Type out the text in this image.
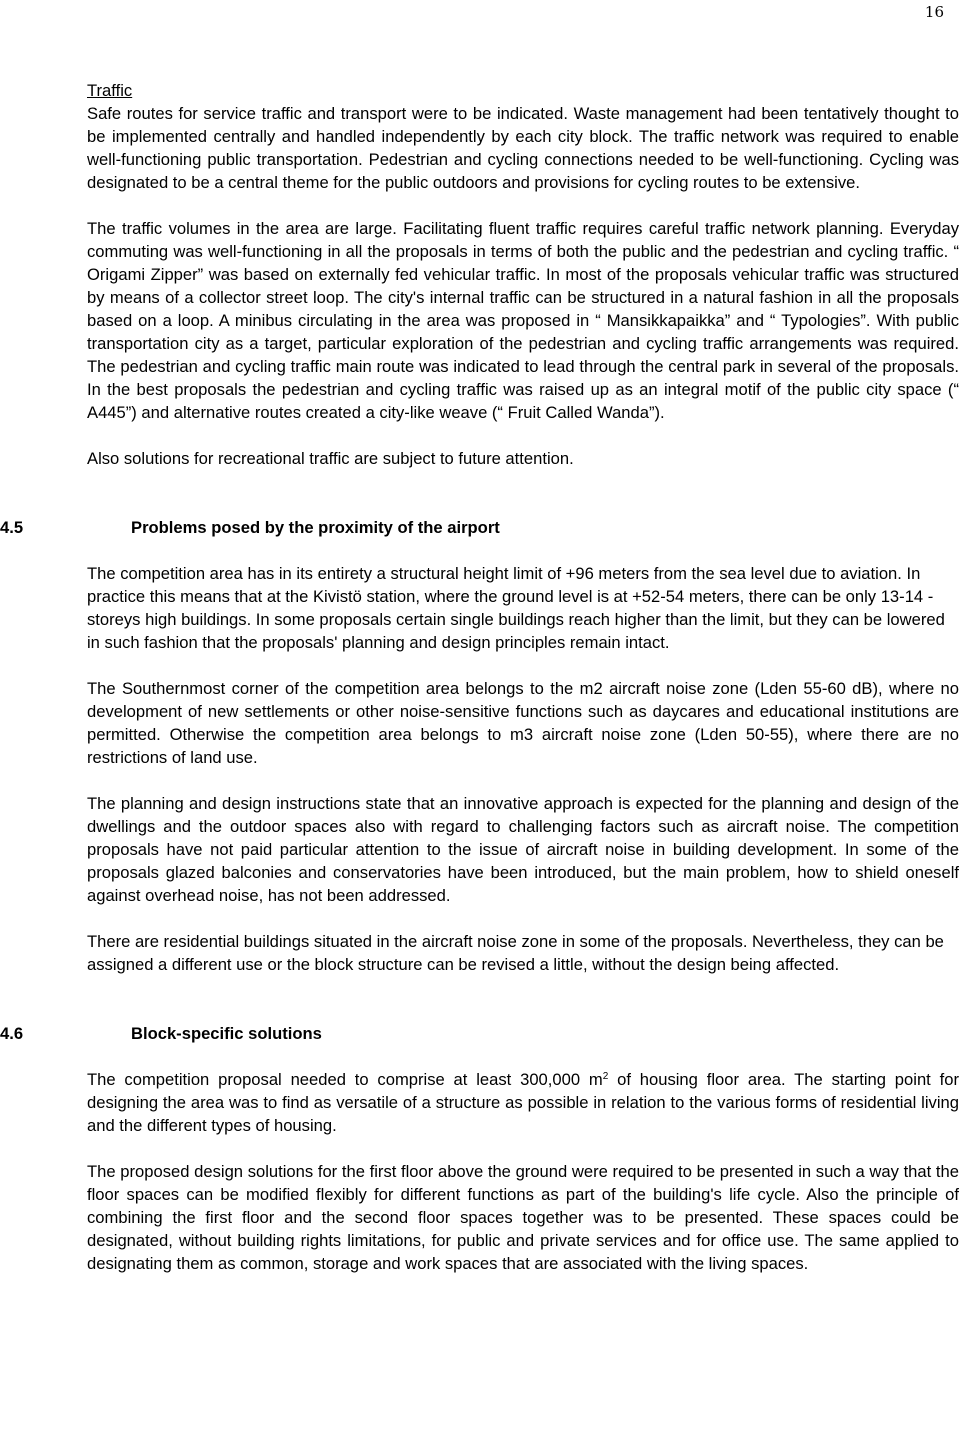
16
Traffic

Safe routes for service traffic and transport were to be indicated. Waste management had been tentatively thought to be implemented centrally and handled independently by each city block. The traffic network was required to enable well-functioning public transportation. Pedestrian and cycling connections needed to be well-functioning. Cycling was designated to be a central theme for the public outdoors and provisions for cycling routes to be extensive.

The traffic volumes in the area are large. Facilitating fluent traffic requires careful traffic network planning. Everyday commuting was well-functioning in all the proposals in terms of both the public and the pedestrian and cycling traffic. “ Origami Zipper” was based on externally fed vehicular traffic. In most of the proposals vehicular traffic was structured by means of a collector street loop. The city's internal traffic can be structured in a natural fashion in all the proposals based on a loop. A minibus circulating in the area was proposed in “ Mansikkapaikka” and “ Typologies”. With public transportation city as a target, particular exploration of the pedestrian and cycling traffic arrangements was required. The pedestrian and cycling traffic main route was indicated to lead through the central park in several of the proposals. In the best proposals the pedestrian and cycling traffic was raised up as an integral motif of the public city space (“ A445”) and alternative routes created a city-like weave (“ Fruit Called Wanda”).

Also solutions for recreational traffic are subject to future attention.

4.5	Problems posed by the proximity of the airport

The competition area has in its entirety a structural height limit of +96 meters from the sea level due to aviation. In practice this means that at the Kivistö station, where the ground level is at +52-54 meters, there can be only 13-14 -storeys high buildings. In some proposals certain single buildings reach higher than the limit, but they can be lowered in such fashion that the proposals' planning and design principles remain intact.

The Southernmost corner of the competition area belongs to the m2 aircraft noise zone (Lden 55-60 dB), where no development of new settlements or other noise-sensitive functions such as daycares and educational institutions are permitted. Otherwise the competition area belongs to m3 aircraft noise zone (Lden 50-55), where there are no restrictions of land use.

The planning and design instructions state that an innovative approach is expected for the planning and design of the dwellings and the outdoor spaces also with regard to challenging factors such as aircraft noise. The competition proposals have not paid particular attention to the issue of aircraft noise in building development. In some of the proposals glazed balconies and conservatories have been introduced, but the main problem, how to shield oneself against overhead noise, has not been addressed.

There are residential buildings situated in the aircraft noise zone in some of the proposals. Nevertheless, they can be assigned a different use or the block structure can be revised a little, without the design being affected.

4.6	Block-specific solutions

The competition proposal needed to comprise at least 300,000 $m^2$ of housing floor area. The starting point for designing the area was to find as versatile of a structure as possible in relation to the various forms of residential living and the different types of housing.

The proposed design solutions for the first floor above the ground were required to be presented in such a way that the floor spaces can be modified flexibly for different functions as part of the building's life cycle. Also the principle of combining the first floor and the second floor spaces together was to be presented. These spaces could be designated, without building rights limitations, for public and private services and for office use. The same applied to designating them as common, storage and work spaces that are associated with the living spaces.
